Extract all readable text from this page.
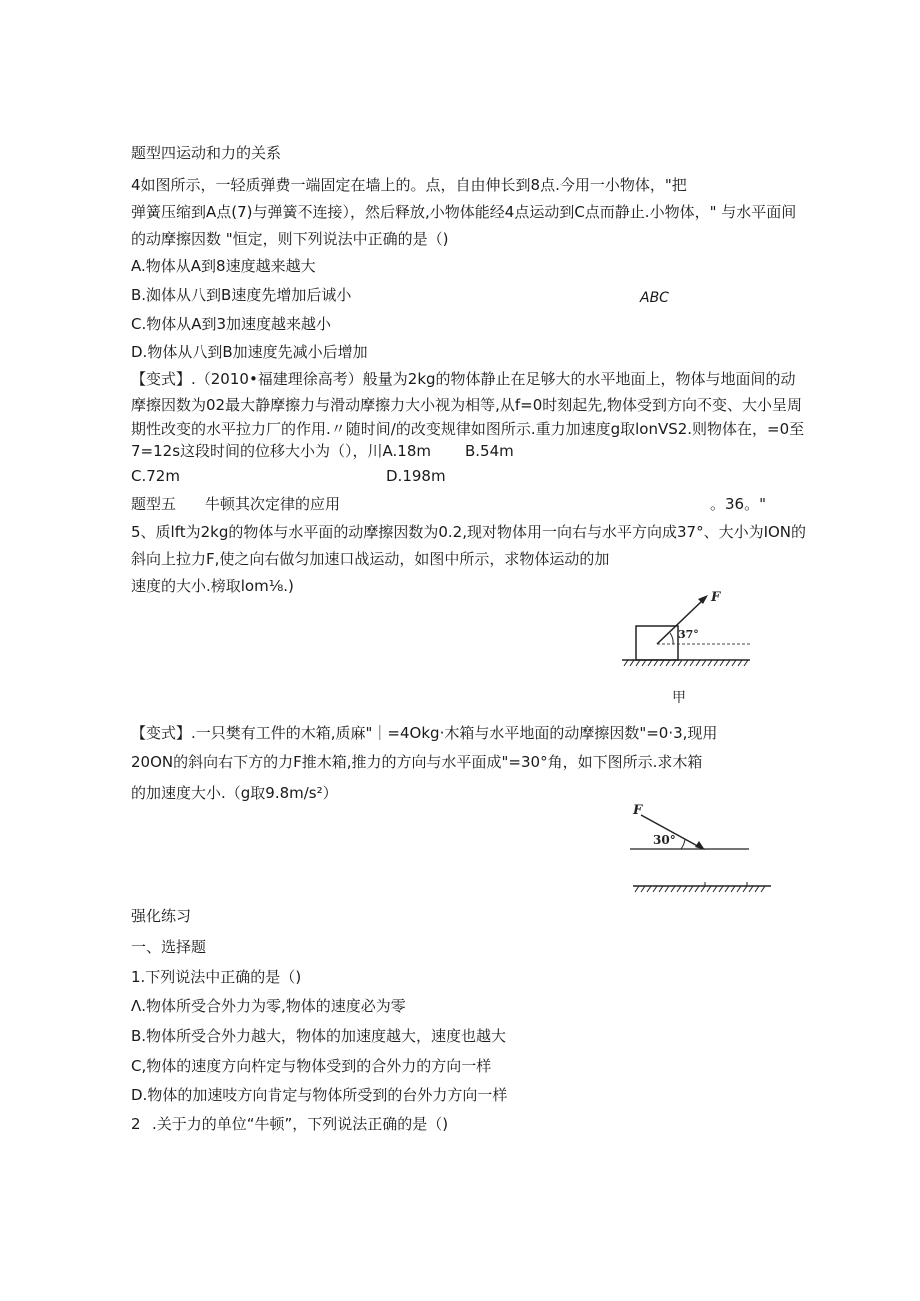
题型四运动和力的关系

4如图所示，一轻质弹费一端固定在墙上的。点，自由伸长到8点.今用一小物体，"把

弹簧压缩到A点(7)与弹簧不连接），然后释放,小物体能经4点运动到C点而静止.小物体，" 与水平面间

的动摩擦因数 "恒定，则下列说法中正确的是（)

A.物体从A到8速度越来越大

B.洳体从八到B速度先增加后诚小	ABC

C.物体从A到3加速度越来越小

D.物体从八到B加速度先减小后增加

【变式】.（2010•福建理徐高考）般量为2kg的物体静止在足够大的水平地面上，物体与地面间的动

摩擦因数为02最大静摩擦力与滑动摩擦力大小视为相等,从f=0时刻起先,物体受到方向不变、大小呈周

期性改变的水平拉力厂的作用.〃随时间/的改变规律如图所示.重力加速度g取lonVS2.则物体在，=0至

7=12s这段时间的位移大小为（），川A.18m B.54m

C.72m	D.198m

题型五 牛顿其次定律的应用	。36。"

5、质lft为2kg的物体与水平面的动摩擦因数为0.2,现对物体用一向右与水平方向成37°、大小为ION的

斜向上拉力F,使之向右做匀加速口战运动，如图中所示，求物体运动的加

速度的大小.榜取lom⅛.)

F
37°
甲

【变式】.一只樊有工件的木箱,质麻"｜=4Okg·木箱与水平地面的动摩擦因数"=0·3,现用

20ON的斜向右下方的力F推木箱,推力的方向与水平面成"=30°角，如下图所示.求木箱

的加速度大小.（g取9.8m∕s²）

F
30°

强化练习

一、选择题

1.下列说法中正确的是（)

Λ.物体所受合外力为零,物体的速度必为零

B.物体所受合外力越大，物体的加速度越大，速度也越大

C,物体的速度方向杵定与物体受到的合外力的方向一样

D.物体的加速吱方向肯定与物体所受到的台外力方向一样

2 .关于力的单位“牛顿”，下列说法正确的是（)
